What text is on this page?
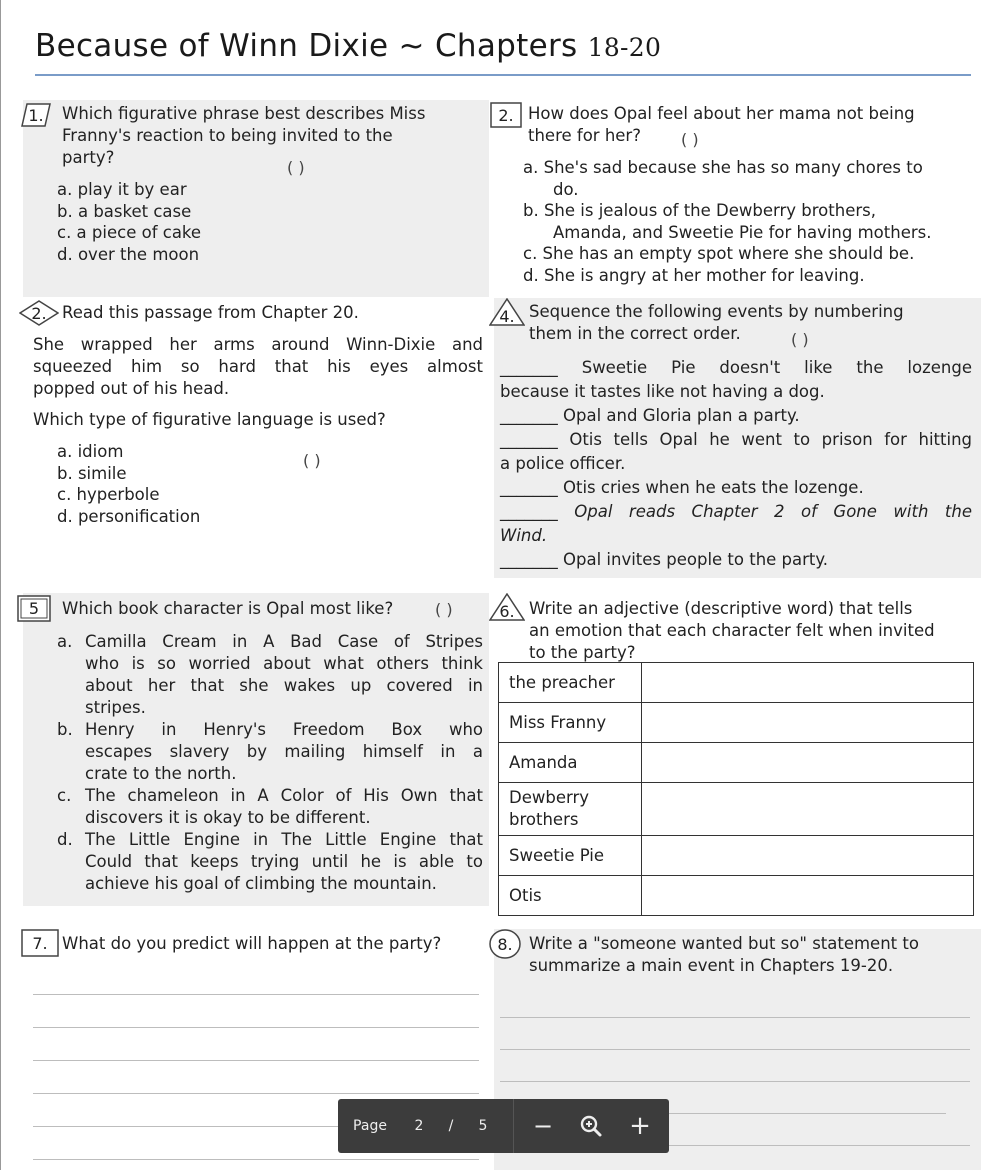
Because of Winn Dixie ~ Chapters 18-20
1. Which figurative phrase best describes Miss
Franny's reaction to being invited to the
party?
( )
a. play it by ear
b. a basket case
c. a piece of cake
d. over the moon
2. How does Opal feel about her mama not being
there for her?	( )
a. She's sad because she has so many chores to
do.
b. She is jealous of the Dewberry brothers,
Amanda, and Sweetie Pie for having mothers.
c. She has an empty spot where she should be.
d. She is angry at her mother for leaving.
2. Read this passage from Chapter 20.
She wrapped her arms around Winn-Dixie and
squeezed him so hard that his eyes almost
popped out of his head.
Which type of figurative language is used?
( )
a. idiom
b. simile
c. hyperbole
d. personification
4. Sequence the following events by numbering
them in the correct order.	( )
_______ Sweetie Pie doesn't like the lozenge
because it tastes like not having a dog.
_______ Opal and Gloria plan a party.
_______ Otis tells Opal he went to prison for hitting
a police officer.
_______ Otis cries when he eats the lozenge.
_______ Opal reads Chapter 2 of Gone with the
Wind.
_______ Opal invites people to the party.
5 Which book character is Opal most like?	( )
a. Camilla Cream in A Bad Case of Stripes
who is so worried about what others think
about her that she wakes up covered in
stripes.
b. Henry in Henry's Freedom Box who
escapes slavery by mailing himself in a
crate to the north.
c. The chameleon in A Color of His Own that
discovers it is okay to be different.
d. The Little Engine in The Little Engine that
Could that keeps trying until he is able to
achieve his goal of climbing the mountain.
6. Write an adjective (descriptive word) that tells
an emotion that each character felt when invited
to the party?
the preacher	
Miss Franny	
Amanda	
Dewberry brothers	
Sweetie Pie	
Otis	
7. What do you predict will happen at the party?	8. Write a "someone wanted but so" statement to
summarize a main event in Chapters 19-20.
Page	2	/	5 −	+
